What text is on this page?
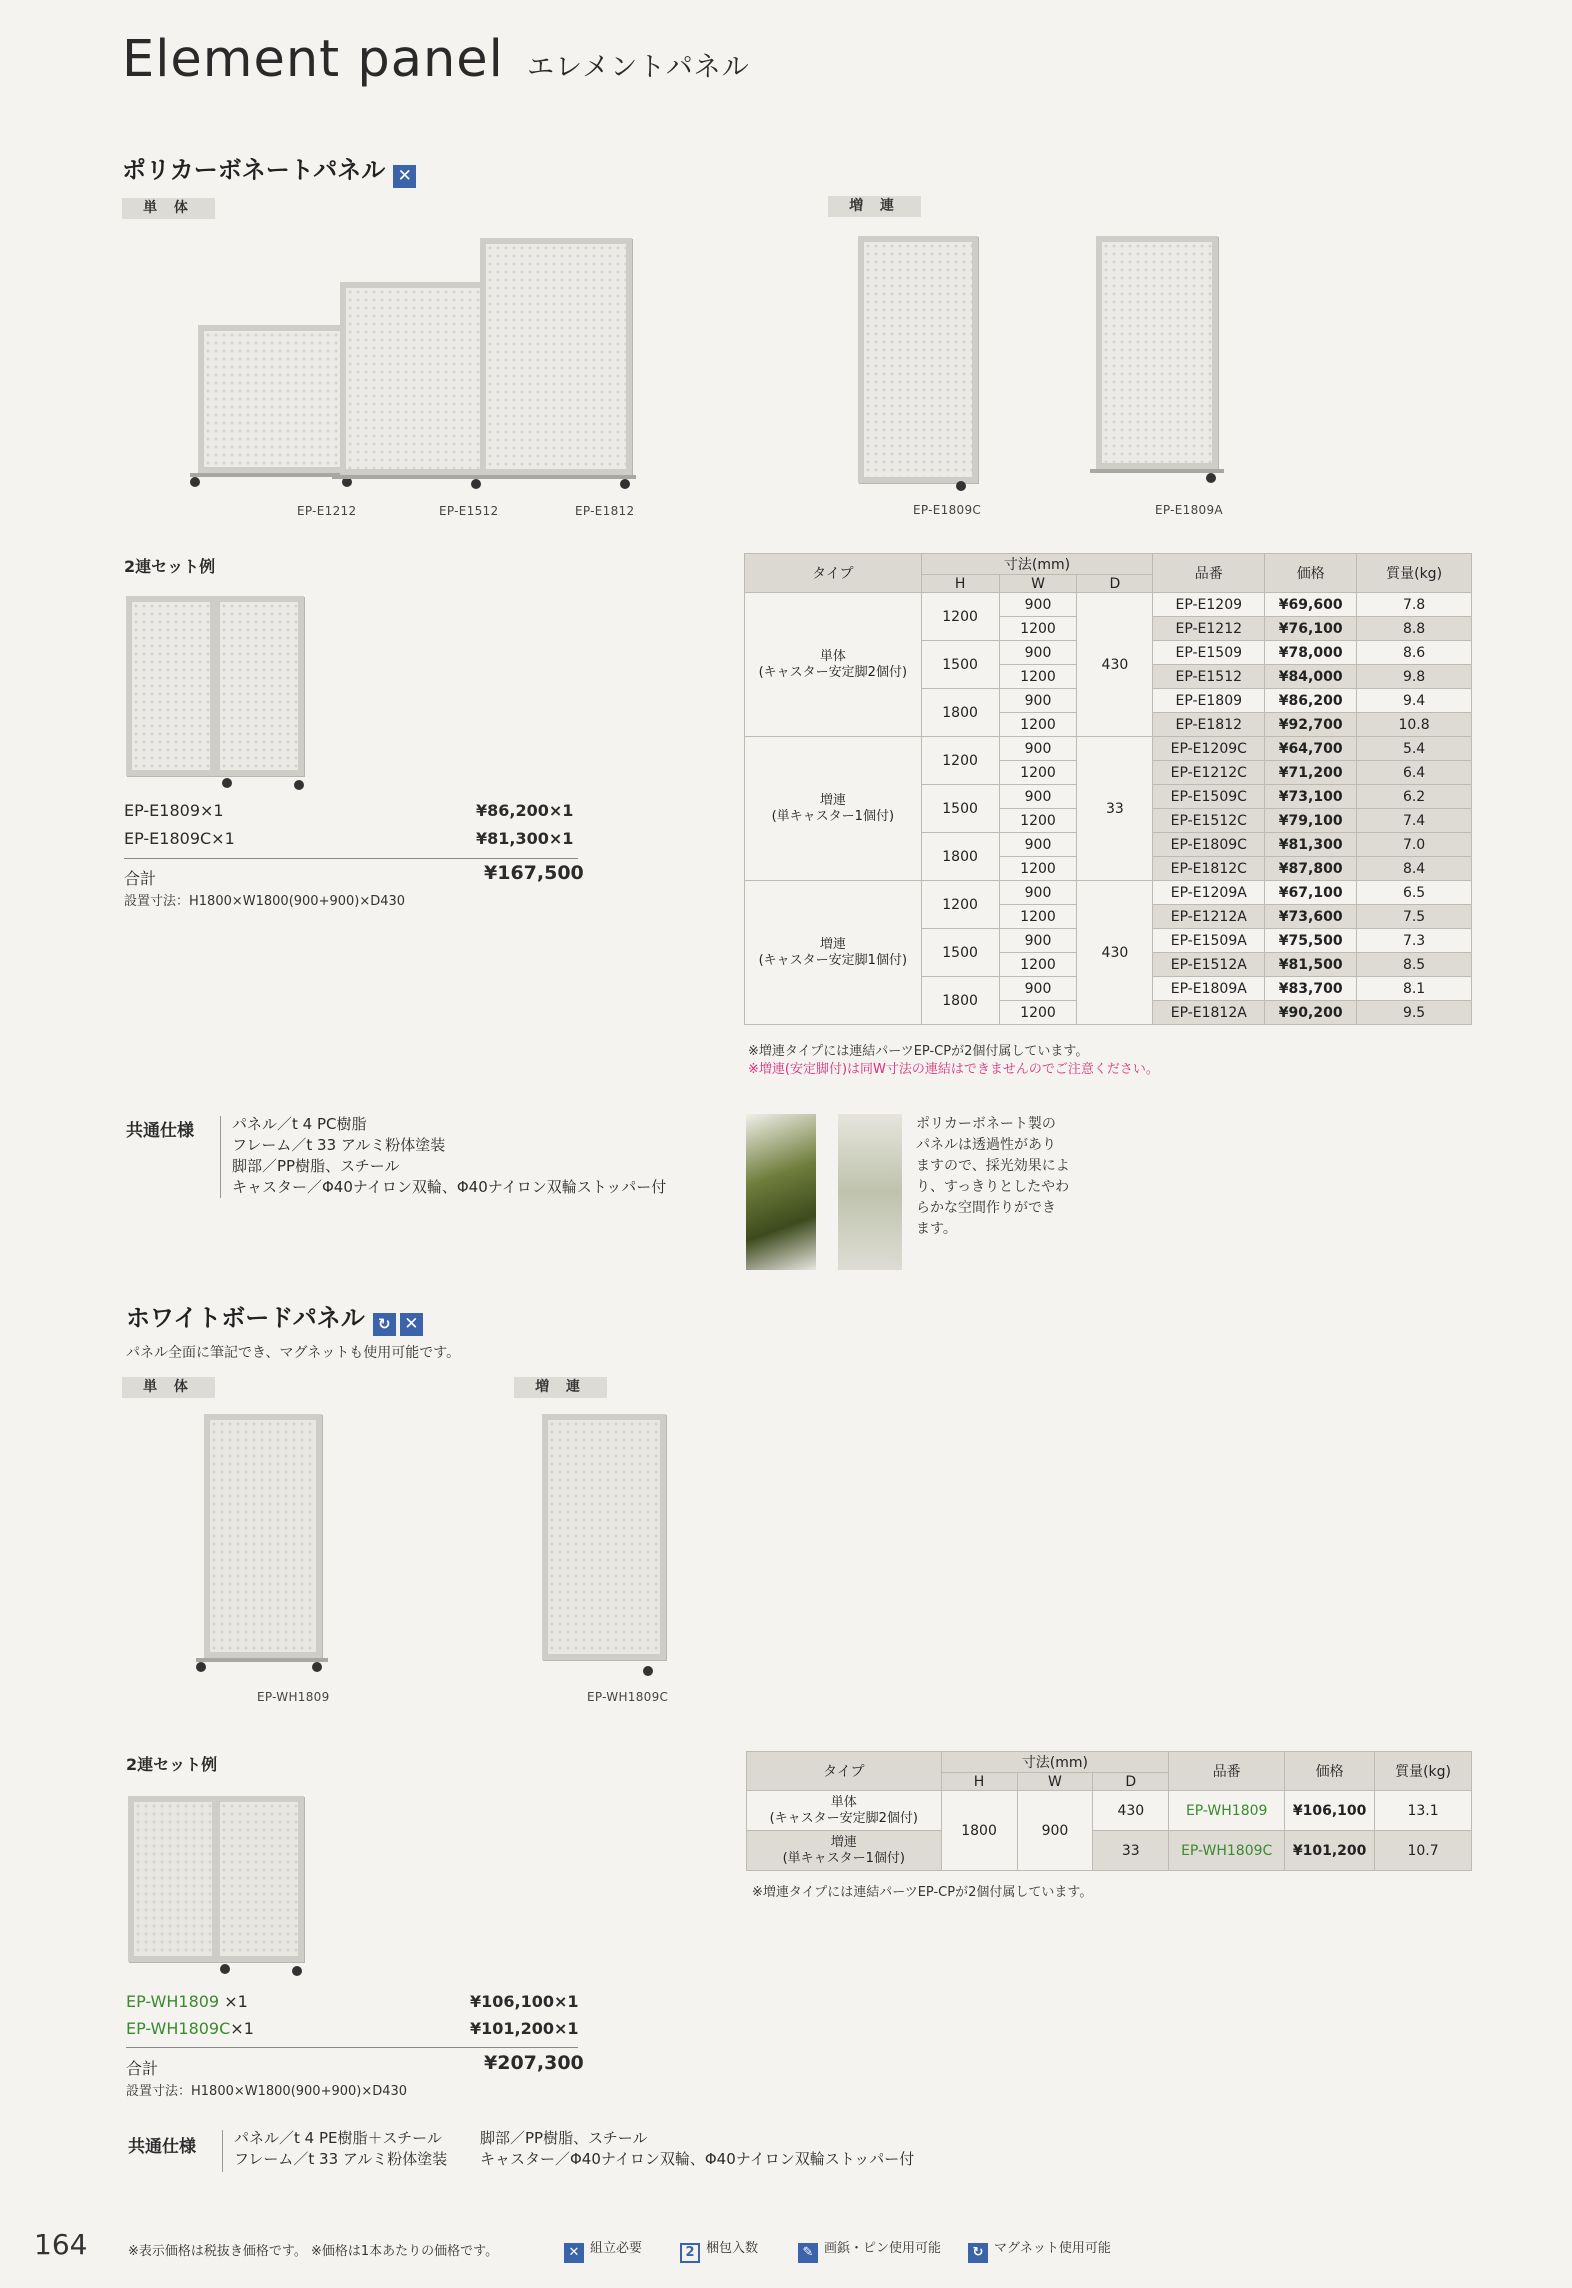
Element panel エレメントパネル
ポリカーボネートパネル ✕
単 体	増 連
EP-E1212	EP-E1512	EP-E1812	EP-E1809C	EP-E1809A
2連セット例
EP-E1809×1	¥86,200×1
EP-E1809C×1	¥81,300×1
合計	¥167,500
設置寸法：H1800×W1800(900+900)×D430
タイプ	寸法(mm)			品番	価格	質量(kg)
	H	W	D			

単体
(キャスター安定脚2個付)	1200	900	430	EP-E1209	¥69,600	7.8
		1200		EP-E1212	¥76,100	8.8
	1500	900		EP-E1509	¥78,000	8.6
		1200		EP-E1512	¥84,000	9.8
	1800	900		EP-E1809	¥86,200	9.4
		1200		EP-E1812	¥92,700	10.8

増連
(単キャスター1個付)	1200	900	33	EP-E1209C	¥64,700	5.4
		1200		EP-E1212C	¥71,200	6.4
	1500	900		EP-E1509C	¥73,100	6.2
		1200		EP-E1512C	¥79,100	7.4
	1800	900		EP-E1809C	¥81,300	7.0
		1200		EP-E1812C	¥87,800	8.4

増連
(キャスター安定脚1個付)	1200	900	430	EP-E1209A	¥67,100	6.5
		1200		EP-E1212A	¥73,600	7.5
	1500	900		EP-E1509A	¥75,500	7.3
		1200		EP-E1512A	¥81,500	8.5
	1800	900		EP-E1809A	¥83,700	8.1
		1200		EP-E1812A	¥90,200	9.5
※増連タイプには連結パーツEP-CPが2個付属しています。
※増連(安定脚付)は同W寸法の連結はできませんのでご注意ください。
共通仕様	パネル／t 4 PC樹脂
フレーム／t 33 アルミ粉体塗装
脚部／PP樹脂、スチール
キャスター／Φ40ナイロン双輪、Φ40ナイロン双輪ストッパー付
ポリカーボネート製の
パネルは透過性があり
ますので、採光効果によ
り、すっきりとしたやわ
らかな空間作りができ
ます。
ホワイトボードパネル ↻ ✕
パネル全面に筆記でき、マグネットも使用可能です。
単 体	増 連
EP-WH1809	EP-WH1809C
2連セット例
EP-WH1809 ×1	¥106,100×1
EP-WH1809C×1	¥101,200×1
合計	¥207,300
設置寸法：H1800×W1800(900+900)×D430
タイプ	寸法(mm)			品番	価格	質量(kg)
	H	W	D			

単体
(キャスター安定脚2個付)	1800	900	430	EP-WH1809	¥106,100	13.1

増連
(単キャスター1個付)			33	EP-WH1809C	¥101,200	10.7
※増連タイプには連結パーツEP-CPが2個付属しています。
共通仕様	パネル／t 4 PE樹脂＋スチール
フレーム／t 33 アルミ粉体塗装
脚部／PP樹脂、スチール
キャスター／Φ40ナイロン双輪、Φ40ナイロン双輪ストッパー付
164	※表示価格は税抜き価格です。 ※価格は1本あたりの価格です。	✕ 組立必要	2 梱包入数	✎ 画鋲・ピン使用可能	↻ マグネット使用可能
